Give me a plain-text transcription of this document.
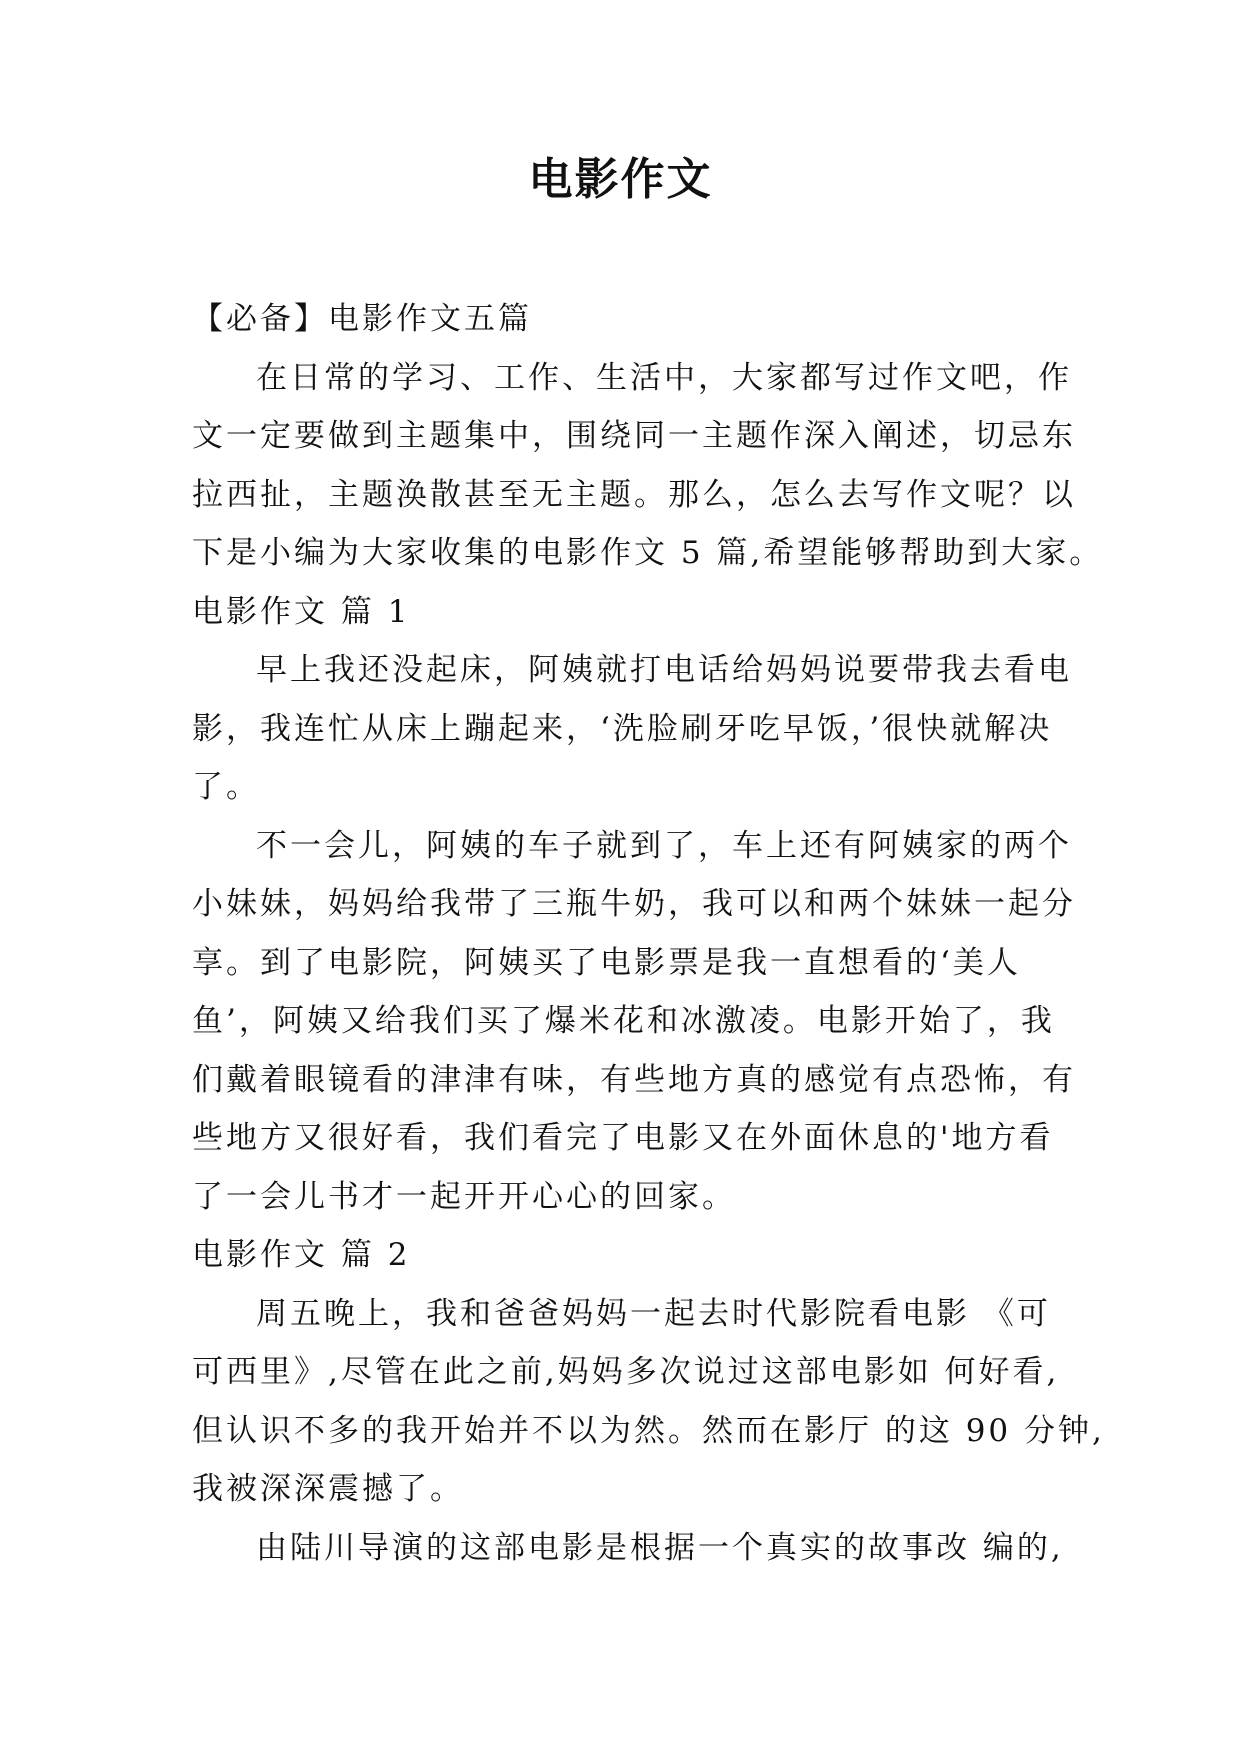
电影作文
【必备】电影作文五篇
在日常的学习、工作、生活中，大家都写过作文吧，作
文一定要做到主题集中，围绕同一主题作深入阐述，切忌东
拉西扯，主题涣散甚至无主题。那么，怎么去写作文呢？以
下是小编为大家收集的电影作文 5 篇,希望能够帮助到大家。
电影作文 篇 1
早上我还没起床，阿姨就打电话给妈妈说要带我去看电
影，我连忙从床上蹦起来，‘洗脸刷牙吃早饭，’很快就解决
了。
不一会儿，阿姨的车子就到了，车上还有阿姨家的两个
小妹妹，妈妈给我带了三瓶牛奶，我可以和两个妹妹一起分
享。到了电影院，阿姨买了电影票是我一直想看的‘美人
鱼’，阿姨又给我们买了爆米花和冰激凌。电影开始了，我
们戴着眼镜看的津津有味，有些地方真的感觉有点恐怖，有
些地方又很好看，我们看完了电影又在外面休息的'地方看
了一会儿书才一起开开心心的回家。
电影作文 篇 2
周五晚上，我和爸爸妈妈一起去时代影院看电影 《可
可西里》,尽管在此之前,妈妈多次说过这部电影如 何好看,
但认识不多的我开始并不以为然。然而在影厅 的这 90 分钟,
我被深深震撼了。
由陆川导演的这部电影是根据一个真实的故事改 编的,
